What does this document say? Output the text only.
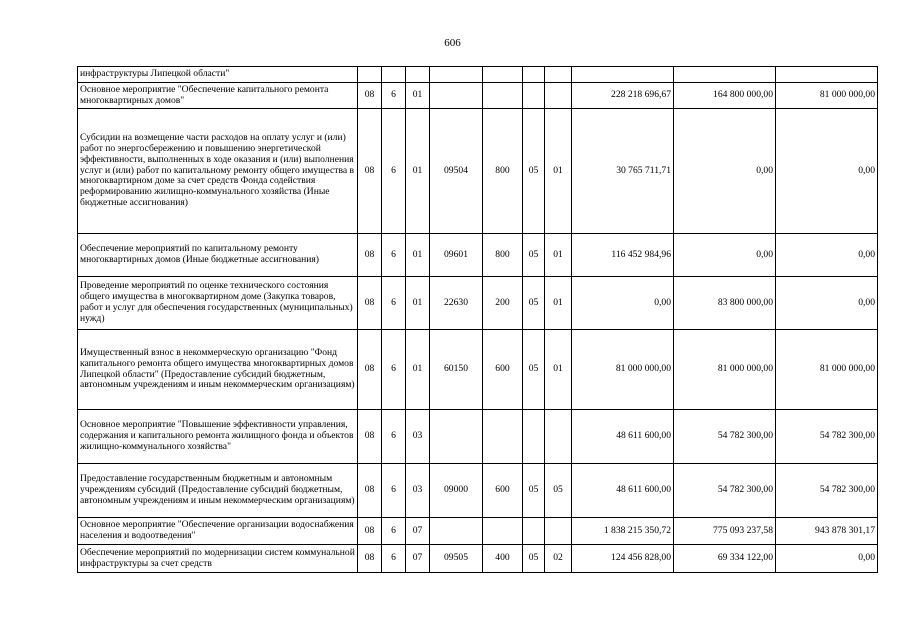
606
инфраструктуры Липецкой области"										
Основное мероприятие "Обеспечение капитального ремонта многоквартирных домов"	08	6	01					228 218 696,67	164 800 000,00	81 000 000,00
Субсидии на возмещение части расходов на оплату услуг и (или) работ по энергосбережению и повышению энергетической эффективности, выполненных в ходе оказания и (или) выполнения услуг и (или) работ по капитальному ремонту общего имущества в многоквартирном доме за счет средств Фонда содействия реформированию жилищно-коммунального хозяйства (Иные бюджетные ассигнования)	08	6	01	09504	800	05	01	30 765 711,71	0,00	0,00
Обеспечение мероприятий по капитальному ремонту многоквартирных домов (Иные бюджетные ассигнования)	08	6	01	09601	800	05	01	116 452 984,96	0,00	0,00
Проведение мероприятий по оценке технического состояния общего имущества в многоквартирном доме (Закупка товаров, работ и услуг для обеспечения государственных (муниципальных) нужд)	08	6	01	22630	200	05	01	0,00	83 800 000,00	0,00
Имущественный взнос в некоммерческую организацию "Фонд капитального ремонта общего имущества многоквартирных домов Липецкой области" (Предоставление субсидий бюджетным, автономным учреждениям и иным некоммерческим организациям)	08	6	01	60150	600	05	01	81 000 000,00	81 000 000,00	81 000 000,00
Основное мероприятие "Повышение эффективности управления, содержания и капитального ремонта жилищного фонда и объектов жилищно-коммунального хозяйства"	08	6	03					48 611 600,00	54 782 300,00	54 782 300,00
Предоставление государственным бюджетным и автономным учреждениям субсидий (Предоставление субсидий бюджетным, автономным учреждениям и иным некоммерческим организациям)	08	6	03	09000	600	05	05	48 611 600,00	54 782 300,00	54 782 300,00
Основное мероприятие "Обеспечение организации водоснабжения населения и водоотведения"	08	6	07					1 838 215 350,72	775 093 237,58	943 878 301,17
Обеспечение мероприятий по модернизации систем коммунальной инфраструктуры за счет средств	08	6	07	09505	400	05	02	124 456 828,00	69 334 122,00	0,00
